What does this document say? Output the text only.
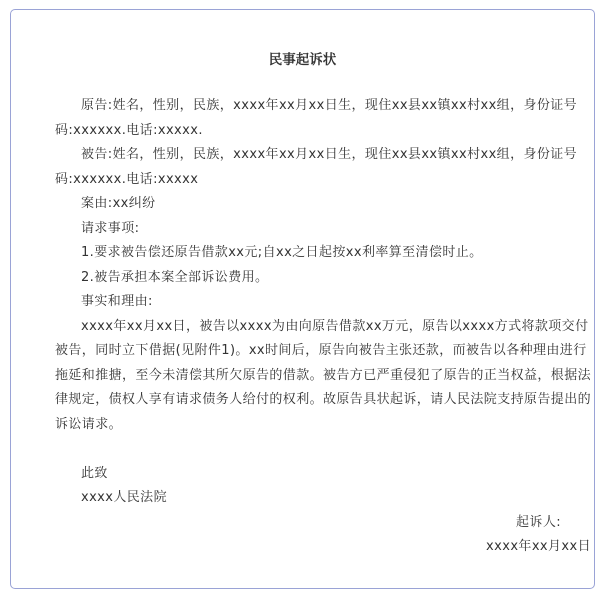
民事起诉状

原告:姓名，性别，民族，xxxx年xx月xx日生，现住xx县xx镇xx村xx组，身份证号码:xxxxxx.电话:xxxxx.

被告:姓名，性别，民族，xxxx年xx月xx日生，现住xx县xx镇xx村xx组，身份证号码:xxxxxx.电话:xxxxx

案由:xx纠纷

请求事项:

1.要求被告偿还原告借款xx元;自xx之日起按xx利率算至清偿时止。

2.被告承担本案全部诉讼费用。

事实和理由:

xxxx年xx月xx日，被告以xxxx为由向原告借款xx万元，原告以xxxx方式将款项交付被告，同时立下借据(见附件1)。xx时间后，原告向被告主张还款，而被告以各种理由进行拖延和推搪，至今未清偿其所欠原告的借款。被告方已严重侵犯了原告的正当权益，根据法律规定，债权人享有请求债务人给付的权利。故原告具状起诉，请人民法院支持原告提出的诉讼请求。

此致

xxxx人民法院

起诉人:

xxxx年xx月xx日
